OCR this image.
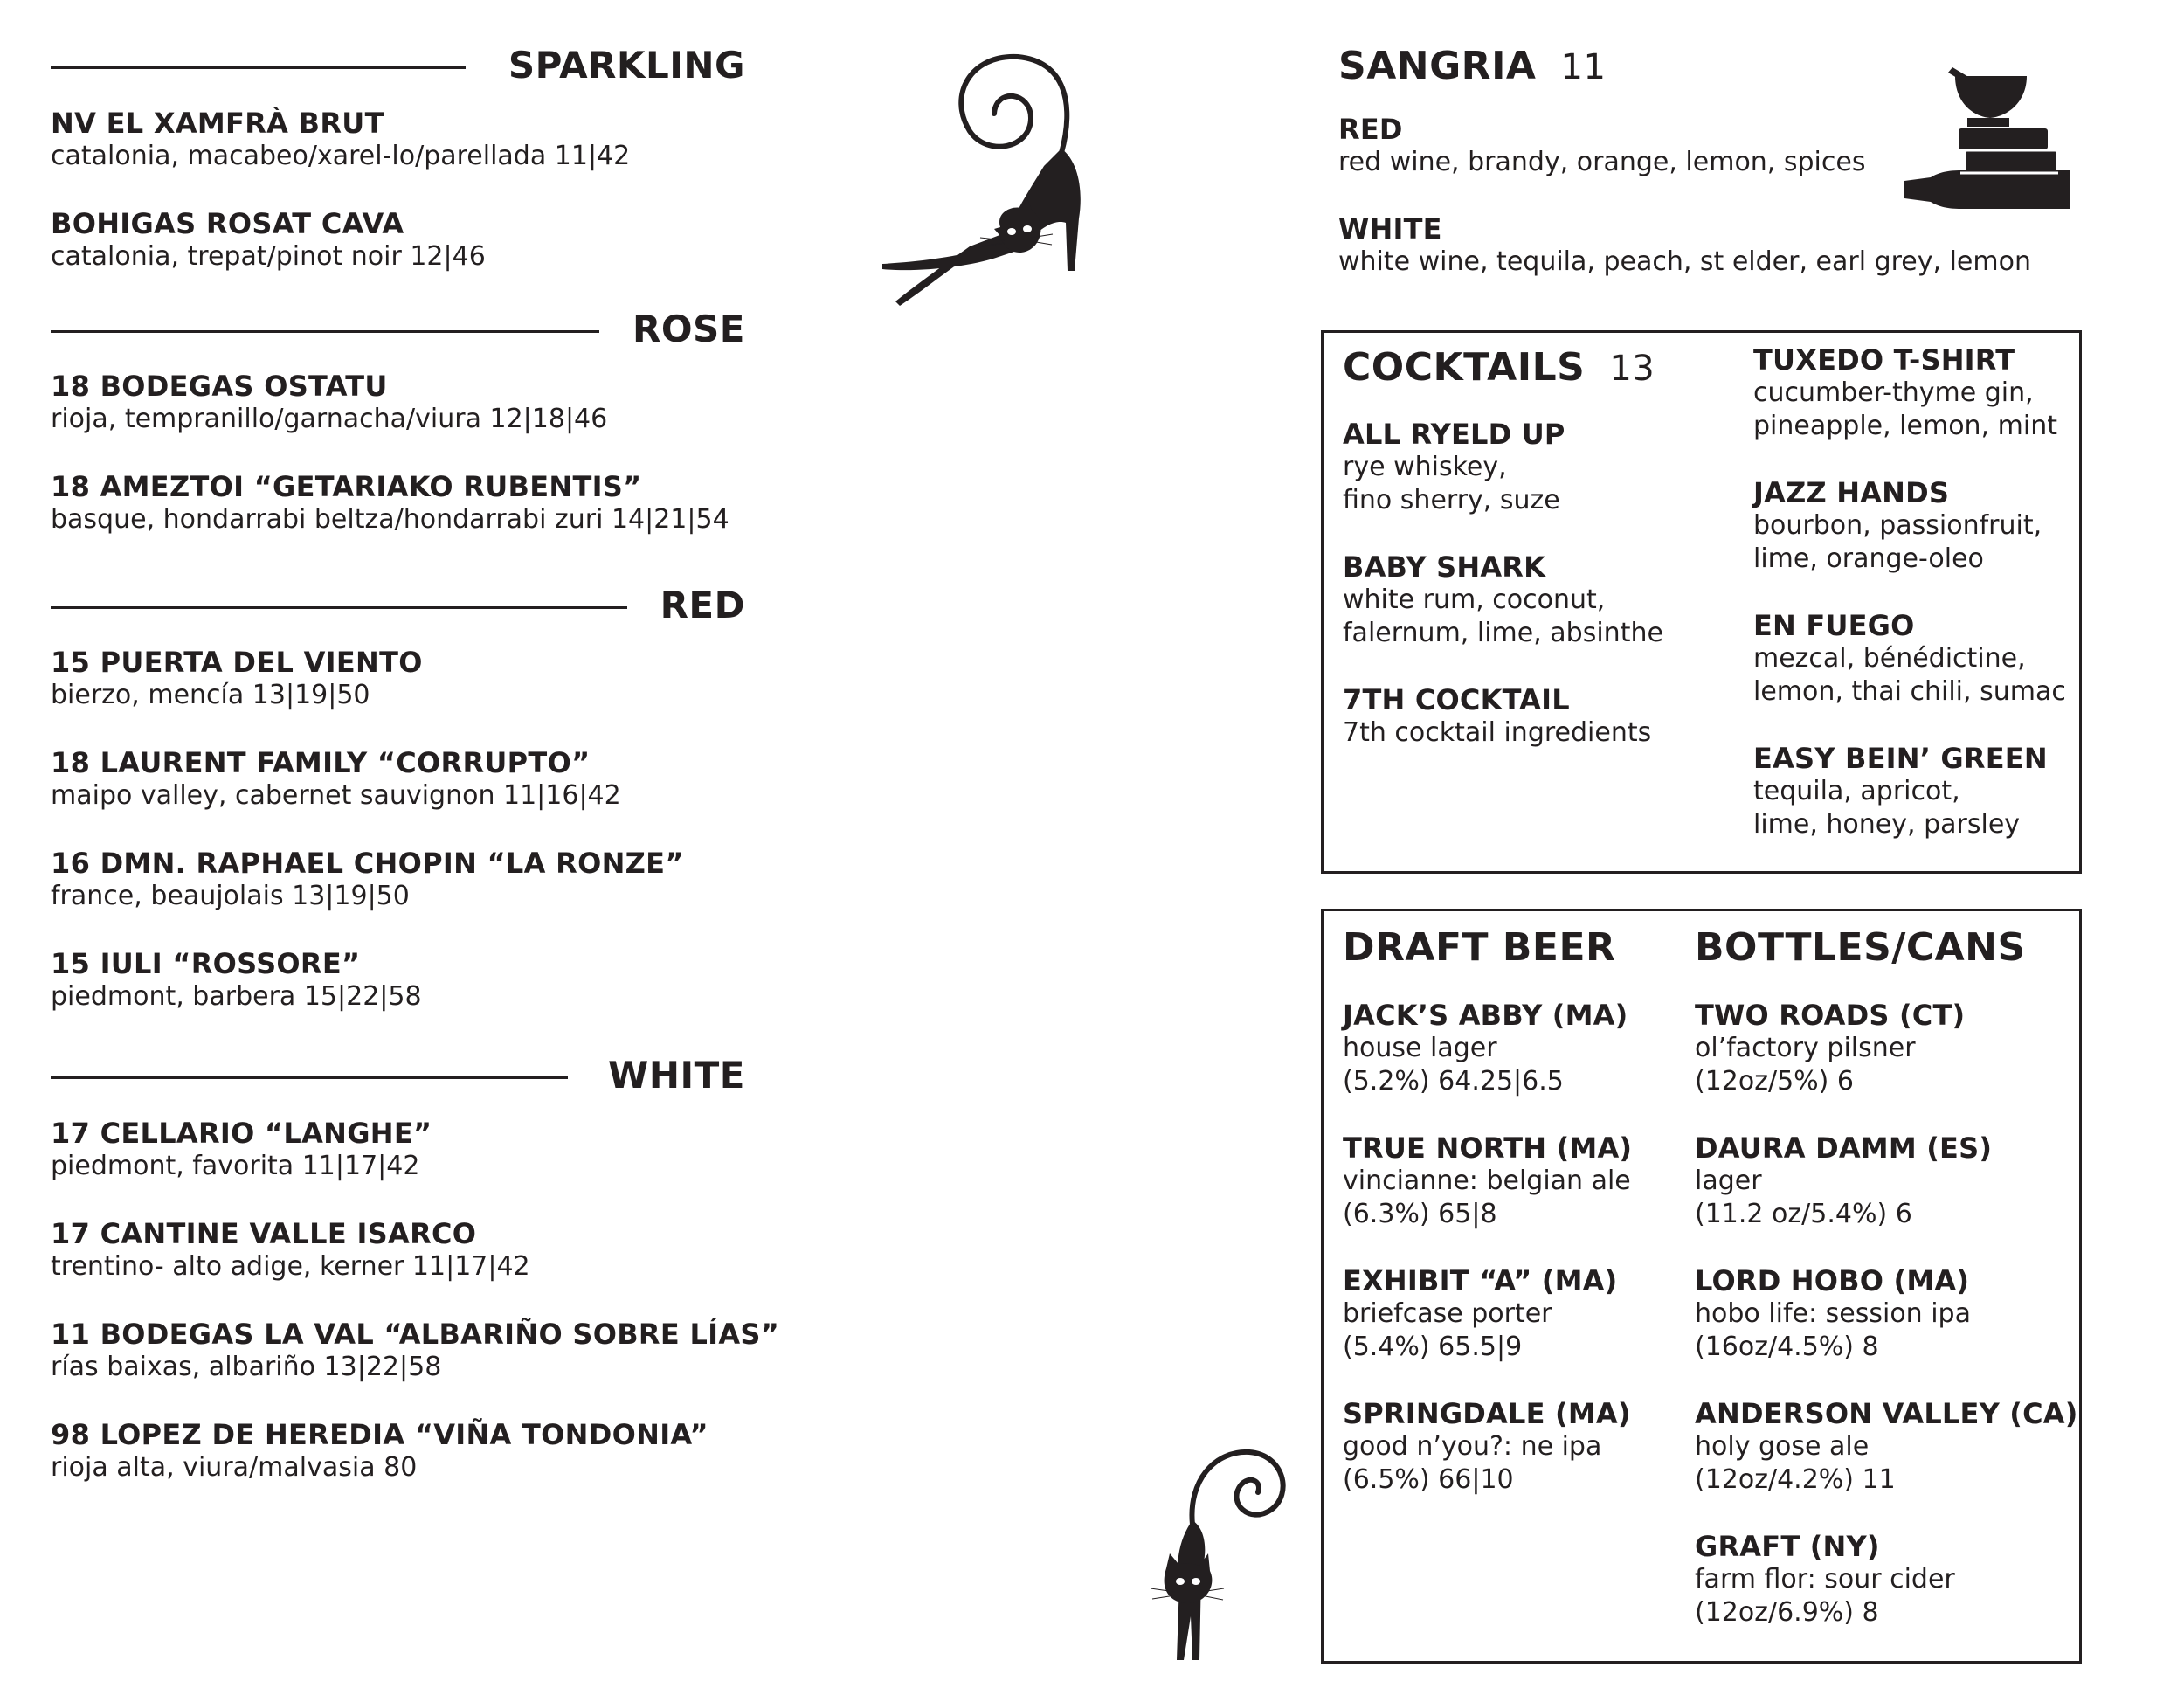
SPARKLING
NV EL XAMFRÀ BRUT
catalonia, macabeo/xarel-lo/parellada 11|42
BOHIGAS ROSAT CAVA
catalonia, trepat/pinot noir 12|46
ROSE
18 BODEGAS OSTATU
rioja, tempranillo/garnacha/viura 12|18|46
18 AMEZTOI “GETARIAKO RUBENTIS”
basque, hondarrabi beltza/hondarrabi zuri 14|21|54
RED
15 PUERTA DEL VIENTO
bierzo, mencía 13|19|50
18 LAURENT FAMILY “CORRUPTO”
maipo valley, cabernet sauvignon 11|16|42
16 DMN. RAPHAEL CHOPIN “LA RONZE”
france, beaujolais 13|19|50
15 IULI “ROSSORE”
piedmont, barbera 15|22|58
WHITE
17 CELLARIO “LANGHE”
piedmont, favorita 11|17|42
17 CANTINE VALLE ISARCO
trentino- alto adige, kerner 11|17|42
11 BODEGAS LA VAL “ALBARIÑO SOBRE LÍAS”
rías baixas, albariño 13|22|58
98 LOPEZ DE HEREDIA “VIÑA TONDONIA”
rioja alta, viura/malvasia 80
SANGRIA 11
RED
red wine, brandy, orange, lemon, spices
WHITE
white wine, tequila, peach, st elder, earl grey, lemon
COCKTAILS 13
ALL RYELD UP
rye whiskey,
fino sherry, suze
BABY SHARK
white rum, coconut,
falernum, lime, absinthe
7TH COCKTAIL
7th cocktail ingredients
TUXEDO T-SHIRT
cucumber-thyme gin,
pineapple, lemon, mint
JAZZ HANDS
bourbon, passionfruit,
lime, orange-oleo
EN FUEGO
mezcal, bénédictine,
lemon, thai chili, sumac
EASY BEIN’ GREEN
tequila, apricot,
lime, honey, parsley
DRAFT BEER
JACK’S ABBY (MA)
house lager
(5.2%) 64.25|6.5
TRUE NORTH (MA)
vincianne: belgian ale
(6.3%) 65|8
EXHIBIT “A” (MA)
briefcase porter
(5.4%) 65.5|9
SPRINGDALE (MA)
good n’you?: ne ipa
(6.5%) 66|10
BOTTLES/CANS
TWO ROADS (CT)
ol’factory pilsner
(12oz/5%) 6
DAURA DAMM (ES)
lager
(11.2 oz/5.4%) 6
LORD HOBO (MA)
hobo life: session ipa
(16oz/4.5%) 8
ANDERSON VALLEY (CA)
holy gose ale
(12oz/4.2%) 11
GRAFT (NY)
farm flor: sour cider
(12oz/6.9%) 8
